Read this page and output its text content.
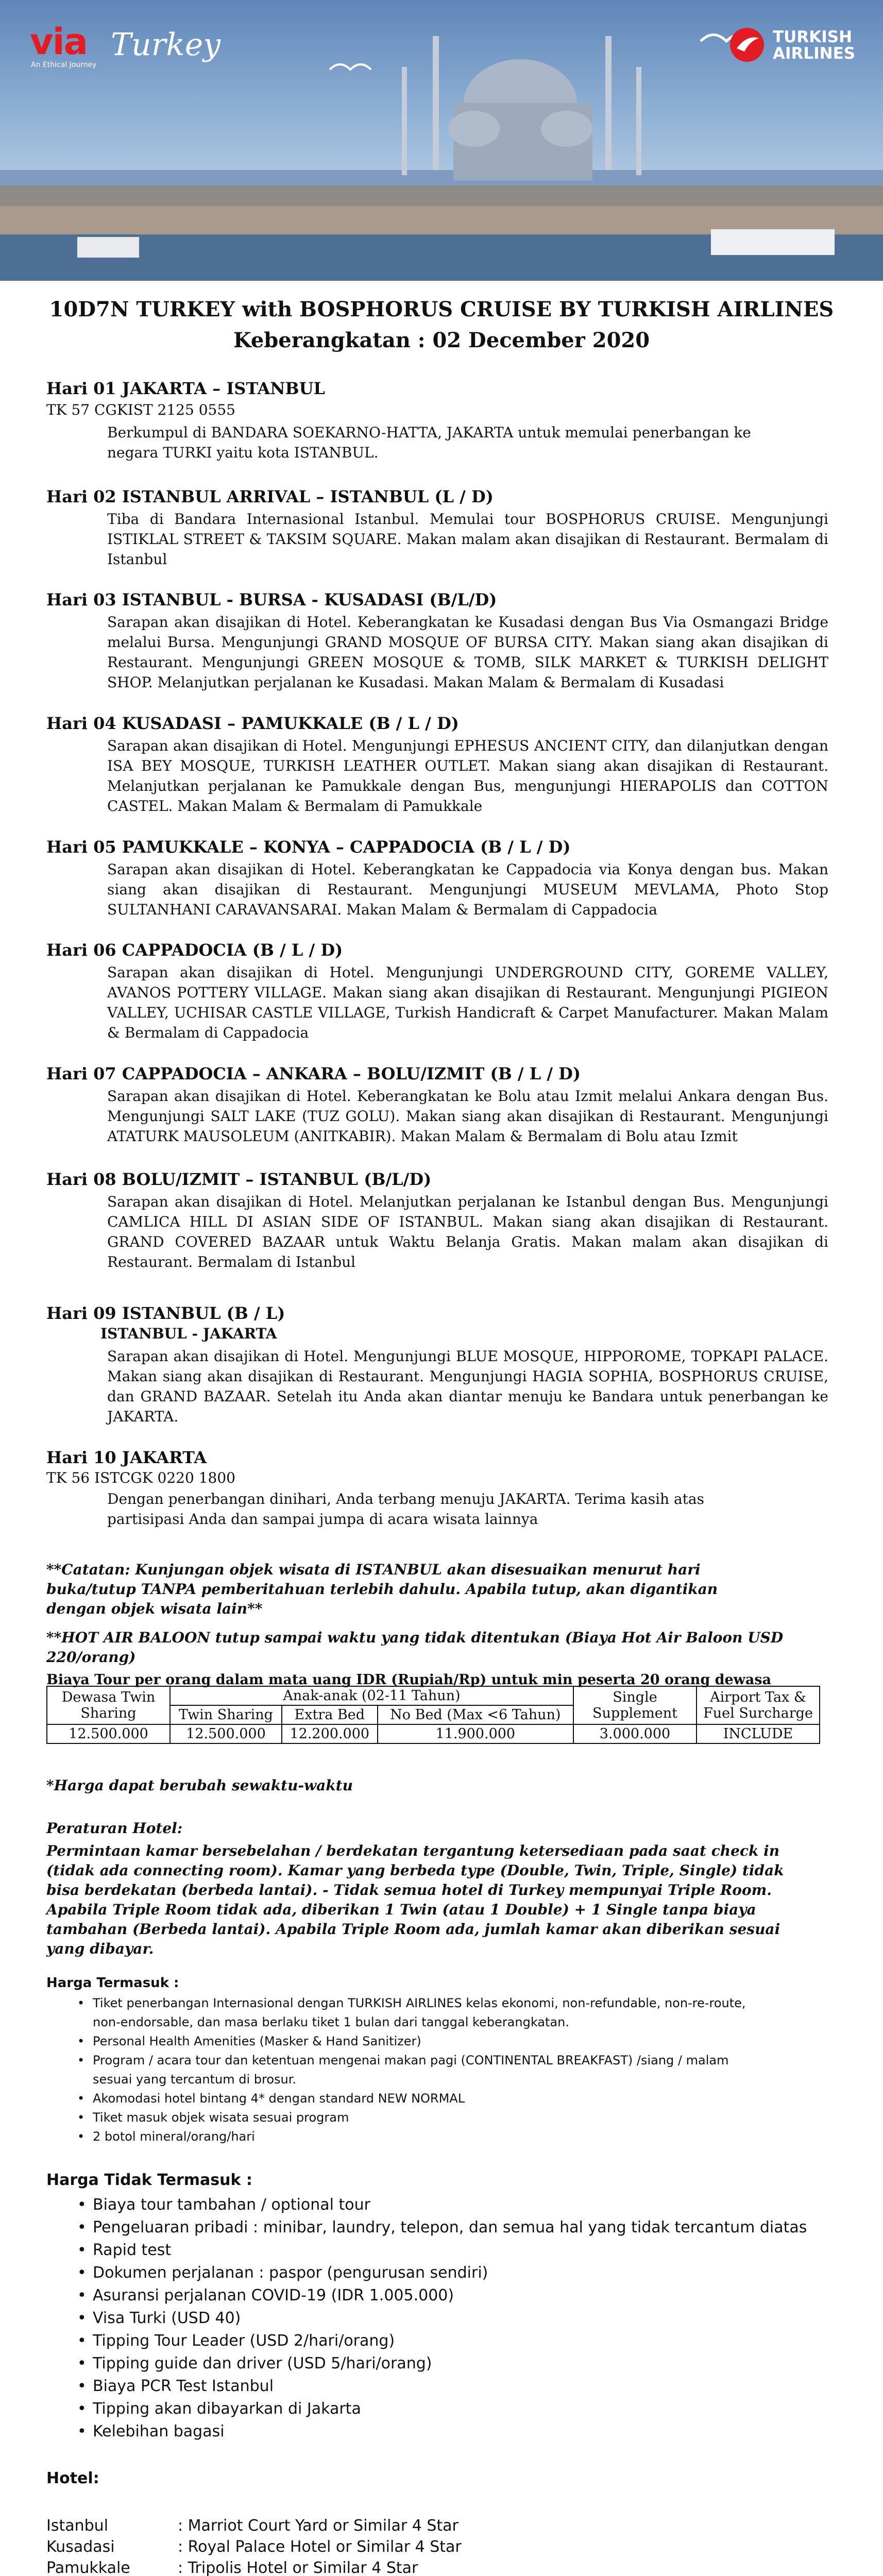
via
An Ethical Journey
Turkey	TURKISH
AIRLINES
10D7N TURKEY with BOSPHORUS CRUISE BY TURKISH AIRLINES
Keberangkatan : 02 December 2020
Hari 01 JAKARTA – ISTANBUL
TK 57 CGKIST 2125 0555
Berkumpul di BANDARA SOEKARNO-HATTA, JAKARTA untuk memulai penerbangan ke negara TURKI yaitu kota ISTANBUL.
Hari 02 ISTANBUL ARRIVAL – ISTANBUL (L / D)
Tiba di Bandara Internasional Istanbul. Memulai tour BOSPHORUS CRUISE. Mengunjungi ISTIKLAL STREET & TAKSIM SQUARE. Makan malam akan disajikan di Restaurant. Bermalam di Istanbul
Hari 03 ISTANBUL - BURSA - KUSADASI (B/L/D)
Sarapan akan disajikan di Hotel. Keberangkatan ke Kusadasi dengan Bus Via Osmangazi Bridge melalui Bursa. Mengunjungi GRAND MOSQUE OF BURSA CITY. Makan siang akan disajikan di Restaurant. Mengunjungi GREEN MOSQUE & TOMB, SILK MARKET & TURKISH DELIGHT SHOP. Melanjutkan perjalanan ke Kusadasi. Makan Malam & Bermalam di Kusadasi
Hari 04 KUSADASI – PAMUKKALE (B / L / D)
Sarapan akan disajikan di Hotel. Mengunjungi EPHESUS ANCIENT CITY, dan dilanjutkan dengan ISA BEY MOSQUE, TURKISH LEATHER OUTLET. Makan siang akan disajikan di Restaurant. Melanjutkan perjalanan ke Pamukkale dengan Bus, mengunjungi HIERAPOLIS dan COTTON CASTEL. Makan Malam & Bermalam di Pamukkale
Hari 05 PAMUKKALE – KONYA – CAPPADOCIA (B / L / D)
Sarapan akan disajikan di Hotel. Keberangkatan ke Cappadocia via Konya dengan bus. Makan siang akan disajikan di Restaurant. Mengunjungi MUSEUM MEVLAMA, Photo Stop SULTANHANI CARAVANSARAI. Makan Malam & Bermalam di Cappadocia
Hari 06 CAPPADOCIA (B / L / D)
Sarapan akan disajikan di Hotel. Mengunjungi UNDERGROUND CITY, GOREME VALLEY, AVANOS POTTERY VILLAGE. Makan siang akan disajikan di Restaurant. Mengunjungi PIGIEON VALLEY, UCHISAR CASTLE VILLAGE, Turkish Handicraft & Carpet Manufacturer. Makan Malam & Bermalam di Cappadocia
Hari 07 CAPPADOCIA – ANKARA – BOLU/IZMIT (B / L / D)
Sarapan akan disajikan di Hotel. Keberangkatan ke Bolu atau Izmit melalui Ankara dengan Bus. Mengunjungi SALT LAKE (TUZ GOLU). Makan siang akan disajikan di Restaurant. Mengunjungi ATATURK MAUSOLEUM (ANITKABIR). Makan Malam & Bermalam di Bolu atau Izmit
Hari 08 BOLU/IZMIT – ISTANBUL (B/L/D)
Sarapan akan disajikan di Hotel. Melanjutkan perjalanan ke Istanbul dengan Bus. Mengunjungi CAMLICA HILL DI ASIAN SIDE OF ISTANBUL. Makan siang akan disajikan di Restaurant. GRAND COVERED BAZAAR untuk Waktu Belanja Gratis. Makan malam akan disajikan di Restaurant. Bermalam di Istanbul
Hari 09 ISTANBUL (B / L)
ISTANBUL - JAKARTA
Sarapan akan disajikan di Hotel. Mengunjungi BLUE MOSQUE, HIPPOROME, TOPKAPI PALACE. Makan siang akan disajikan di Restaurant. Mengunjungi HAGIA SOPHIA, BOSPHORUS CRUISE, dan GRAND BAZAAR. Setelah itu Anda akan diantar menuju ke Bandara untuk penerbangan ke JAKARTA.
Hari 10 JAKARTA
TK 56 ISTCGK 0220 1800
Dengan penerbangan dinihari, Anda terbang menuju JAKARTA. Terima kasih atas partisipasi Anda dan sampai jumpa di acara wisata lainnya
**Catatan: Kunjungan objek wisata di ISTANBUL akan disesuaikan menurut hari buka/tutup TANPA pemberitahuan terlebih dahulu. Apabila tutup, akan digantikan dengan objek wisata lain**
**HOT AIR BALOON tutup sampai waktu yang tidak ditentukan (Biaya Hot Air Baloon USD 220/orang)
Biaya Tour per orang dalam mata uang IDR (Rupiah/Rp) untuk min peserta 20 orang dewasa
Dewasa Twin Sharing	Anak-anak (02-11 Tahun)			Single Supplement	Airport Tax & Fuel Surcharge
	Twin Sharing	Extra Bed	No Bed (Max <6 Tahun)		
12.500.000	12.500.000	12.200.000	11.900.000	3.000.000	INCLUDE
*Harga dapat berubah sewaktu-waktu
Peraturan Hotel:
Permintaan kamar bersebelahan / berdekatan tergantung ketersediaan pada saat check in (tidak ada connecting room). Kamar yang berbeda type (Double, Twin, Triple, Single) tidak bisa berdekatan (berbeda lantai). - Tidak semua hotel di Turkey mempunyai Triple Room. Apabila Triple Room tidak ada, diberikan 1 Twin (atau 1 Double) + 1 Single tanpa biaya tambahan (Berbeda lantai). Apabila Triple Room ada, jumlah kamar akan diberikan sesuai yang dibayar.
Harga Termasuk :
• Tiket penerbangan Internasional dengan TURKISH AIRLINES kelas ekonomi, non-refundable, non-re-route, non-endorsable, dan masa berlaku tiket 1 bulan dari tanggal keberangkatan.
• Personal Health Amenities (Masker & Hand Sanitizer)
• Program / acara tour dan ketentuan mengenai makan pagi (CONTINENTAL BREAKFAST) /siang / malam sesuai yang tercantum di brosur.
• Akomodasi hotel bintang 4* dengan standard NEW NORMAL
• Tiket masuk objek wisata sesuai program
• 2 botol mineral/orang/hari
Harga Tidak Termasuk :
• Biaya tour tambahan / optional tour
• Pengeluaran pribadi : minibar, laundry, telepon, dan semua hal yang tidak tercantum diatas
• Rapid test
• Dokumen perjalanan : paspor (pengurusan sendiri)
• Asuransi perjalanan COVID-19 (IDR 1.005.000)
• Visa Turki (USD 40)
• Tipping Tour Leader (USD 2/hari/orang)
• Tipping guide dan driver (USD 5/hari/orang)
• Biaya PCR Test Istanbul
• Tipping akan dibayarkan di Jakarta
• Kelebihan bagasi
Hotel:
Istanbul	: Marriot Court Yard or Similar 4 Star
Kusadasi	: Royal Palace Hotel or Similar 4 Star
Pamukkale	: Tripolis Hotel or Similar 4 Star
